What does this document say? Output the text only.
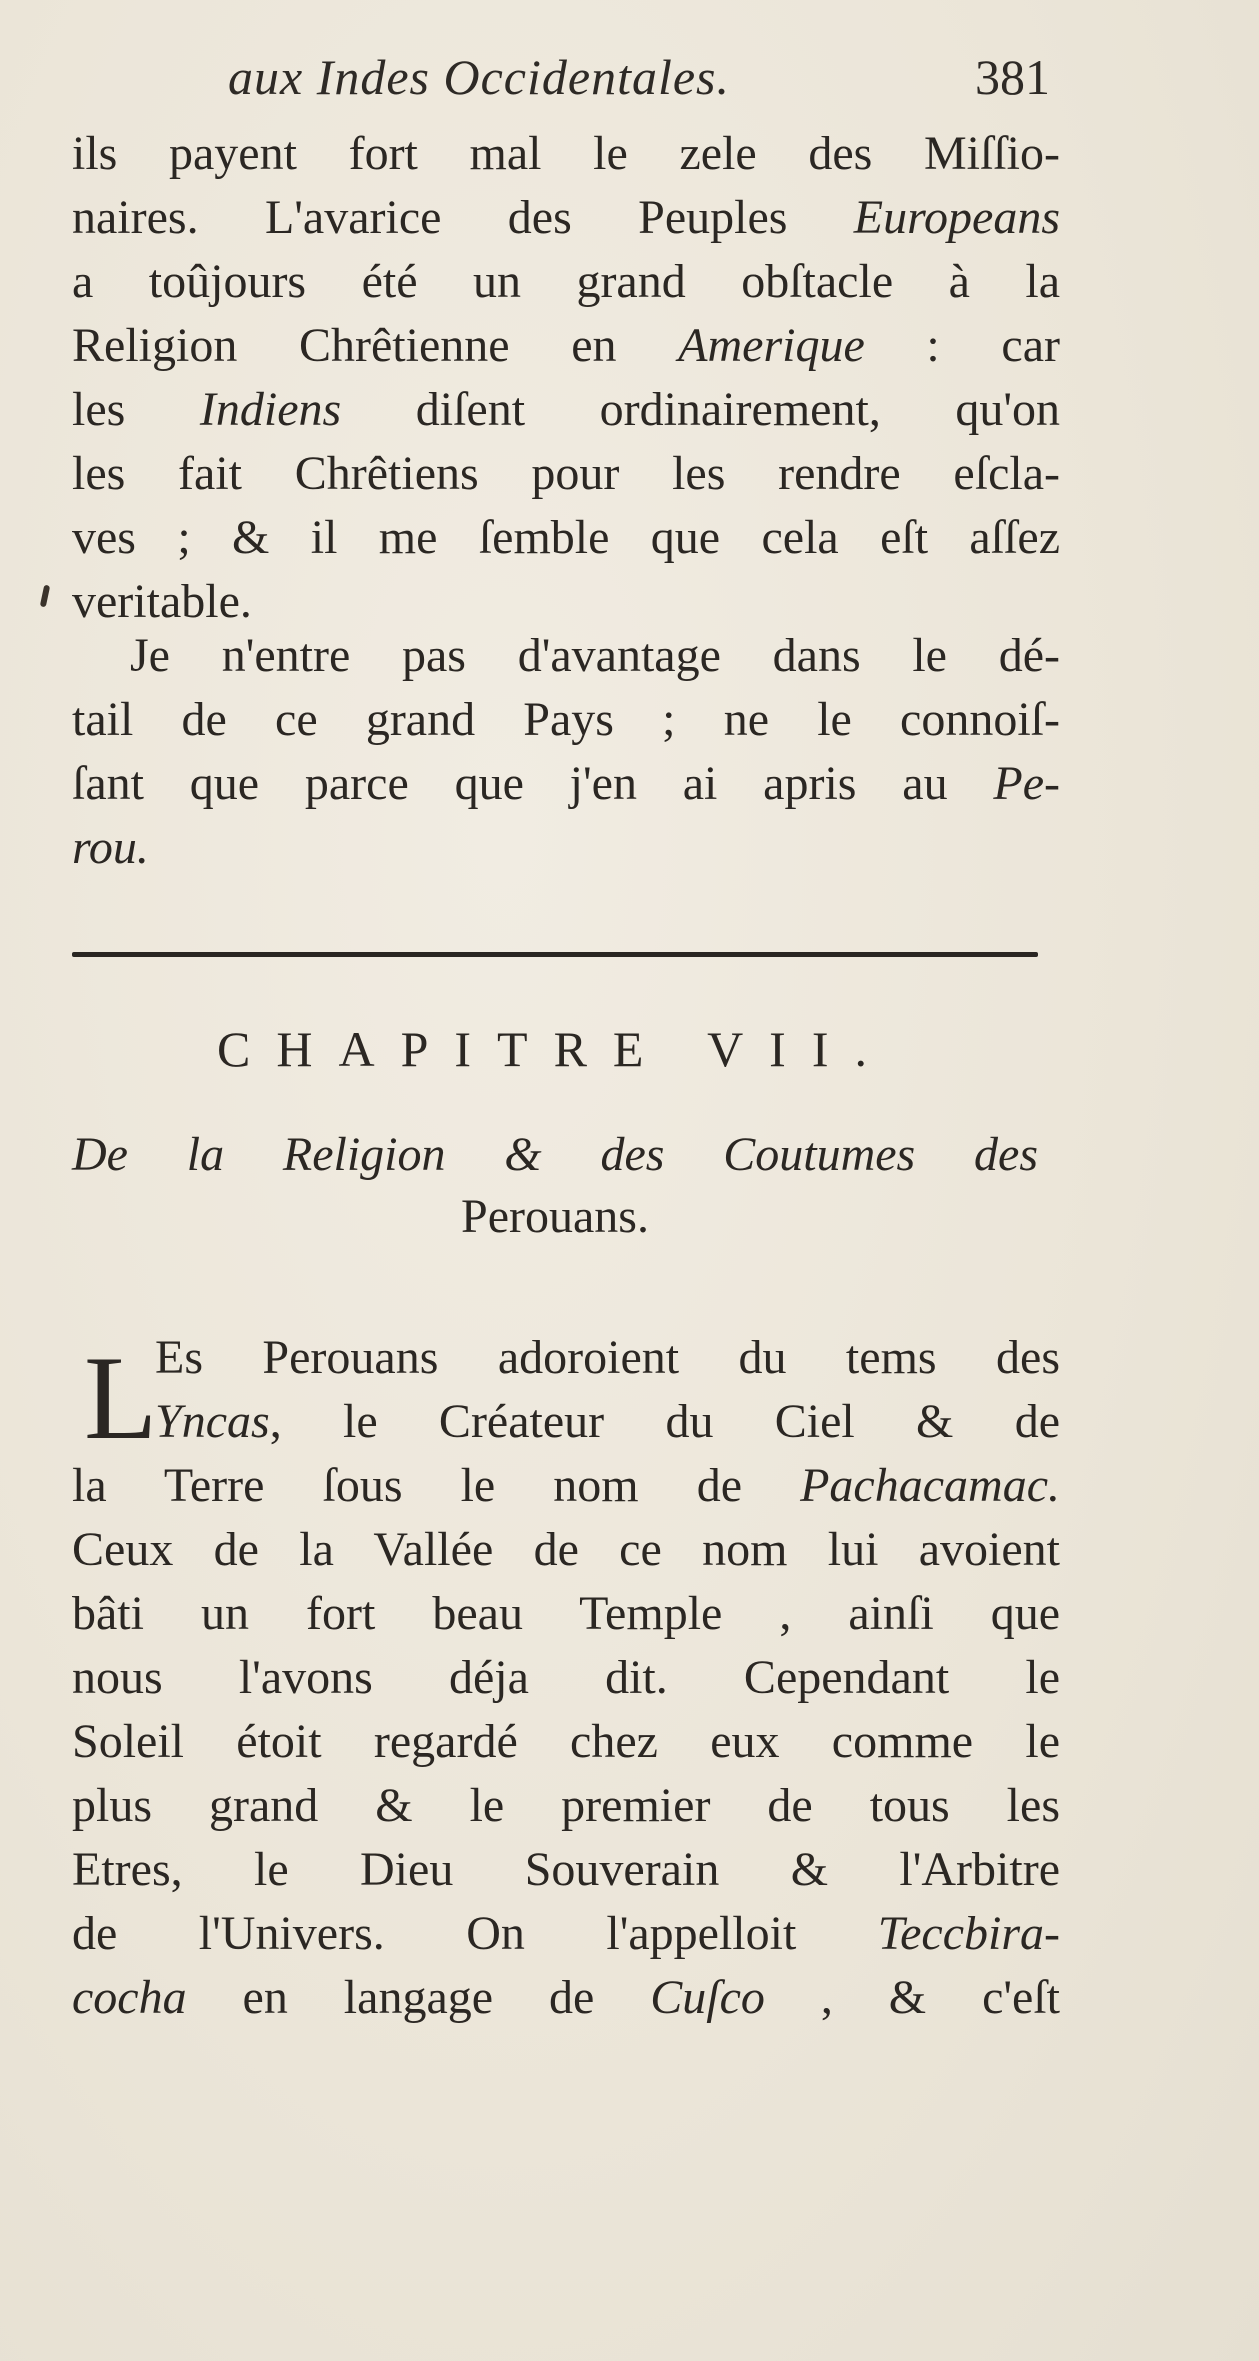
aux Indes Occidentales.	381
ils payent fort mal le zele des Miſſio-
naires. L'avarice des Peuples Europeans
a toûjours été un grand obſtacle à la
Religion Chrêtienne en Amerique : car
les Indiens diſent ordinairement, qu'on
les fait Chrêtiens pour les rendre eſcla-
ves ; & il me ſemble que cela eſt aſſez
veritable.
Je n'entre pas d'avantage dans le dé-
tail de ce grand Pays ; ne le connoiſ-
ſant que parce que j'en ai apris au Pe-
rou.
CHAPITRE VII.
De la Religion & des Coutumes des
Perouans.
L
Es Perouans adoroient du tems des
Yncas, le Créateur du Ciel & de
la Terre ſous le nom de Pachacamac.
Ceux de la Vallée de ce nom lui avoient
bâti un fort beau Temple , ainſi que
nous l'avons déja dit. Cependant le
Soleil étoit regardé chez eux comme le
plus grand & le premier de tous les
Etres, le Dieu Souverain & l'Arbitre
de l'Univers. On l'appelloit Teccbira-
cocha en langage de Cuſco , & c'eſt
